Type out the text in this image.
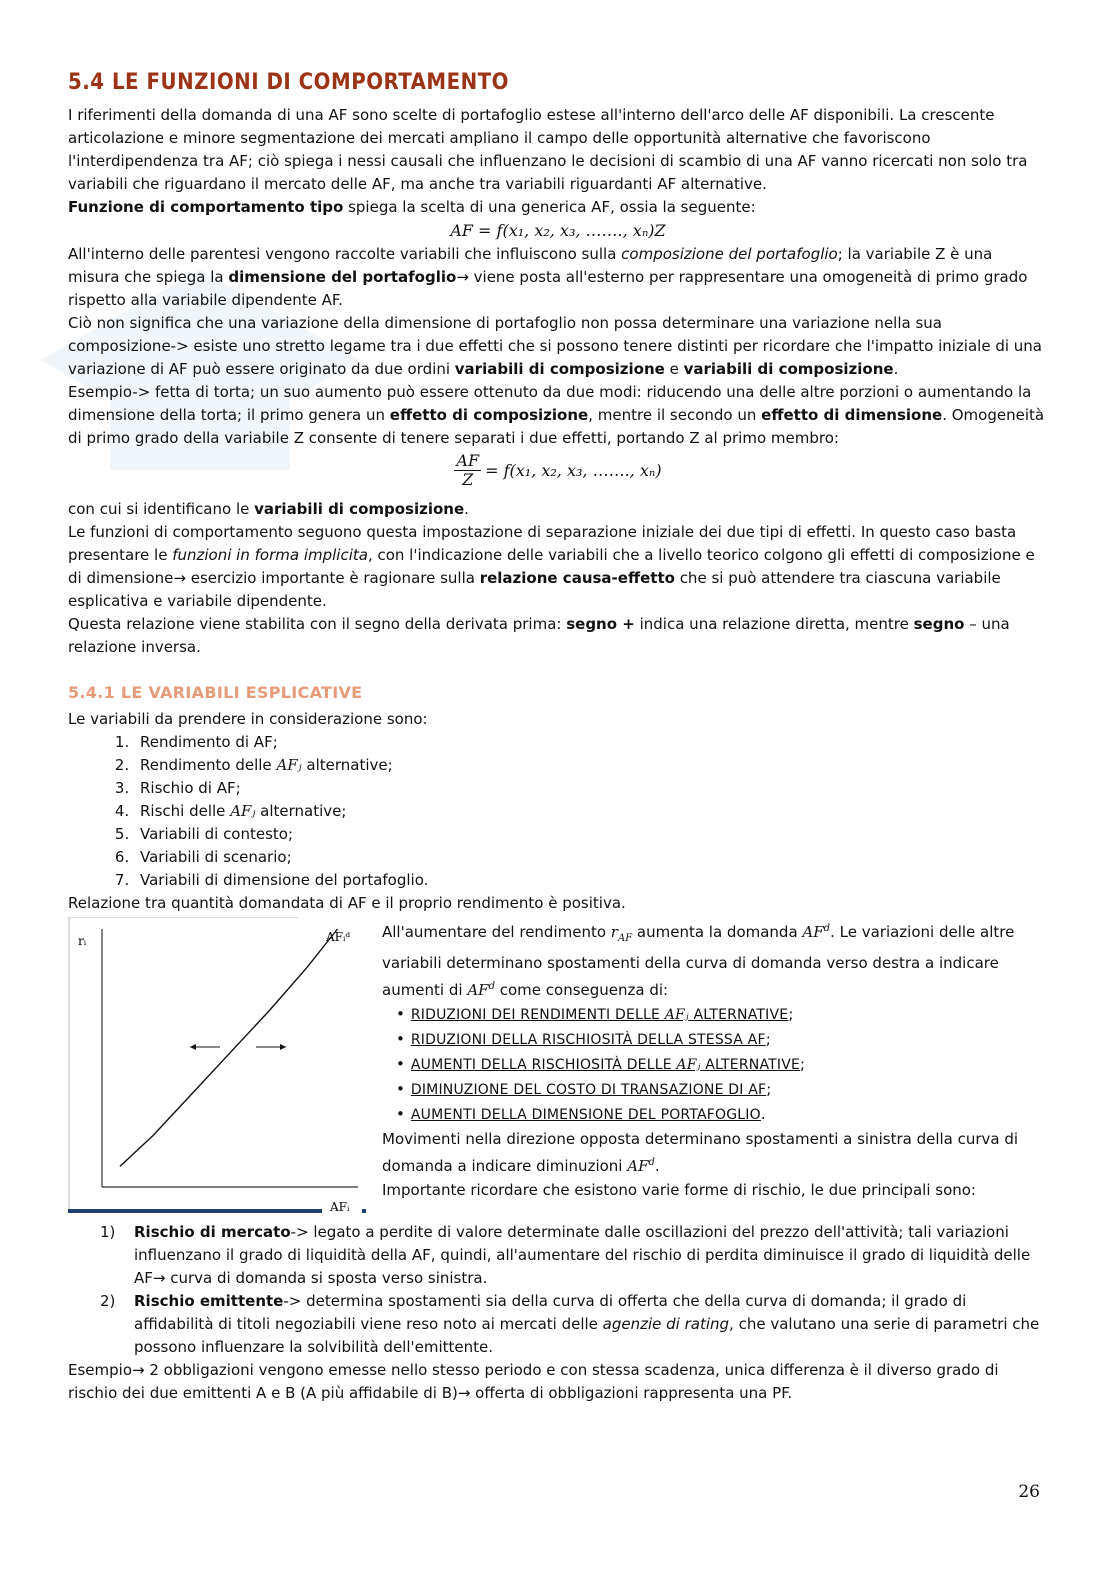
5.4 LE FUNZIONI DI COMPORTAMENTO

I riferimenti della domanda di una AF sono scelte di portafoglio estese all'interno dell'arco delle AF disponibili. La crescente articolazione e minore segmentazione dei mercati ampliano il campo delle opportunità alternative che favoriscono l'interdipendenza tra AF; ciò spiega i nessi causali che influenzano le decisioni di scambio di una AF vanno ricercati non solo tra variabili che riguardano il mercato delle AF, ma anche tra variabili riguardanti AF alternative.

Funzione di comportamento tipo spiega la scelta di una generica AF, ossia la seguente:

AF = f(x₁, x₂, x₃, ……., xₙ)Z

All'interno delle parentesi vengono raccolte variabili che influiscono sulla composizione del portafoglio; la variabile Z è una misura che spiega la dimensione del portafoglio→ viene posta all'esterno per rappresentare una omogeneità di primo grado rispetto alla variabile dipendente AF.

Ciò non significa che una variazione della dimensione di portafoglio non possa determinare una variazione nella sua composizione-> esiste uno stretto legame tra i due effetti che si possono tenere distinti per ricordare che l'impatto iniziale di una variazione di AF può essere originato da due ordini variabili di composizione e variabili di composizione.

Esempio-> fetta di torta; un suo aumento può essere ottenuto da due modi: riducendo una delle altre porzioni o aumentando la dimensione della torta; il primo genera un effetto di composizione, mentre il secondo un effetto di dimensione. Omogeneità di primo grado della variabile Z consente di tenere separati i due effetti, portando Z al primo membro:

$\frac{AF}{Z} = f(x_1$, x₂, x₃, ……., xₙ)

con cui si identificano le variabili di composizione.

Le funzioni di comportamento seguono questa impostazione di separazione iniziale dei due tipi di effetti. In questo caso basta presentare le funzioni in forma implicita, con l'indicazione delle variabili che a livello teorico colgono gli effetti di composizione e di dimensione→ esercizio importante è ragionare sulla relazione causa-effetto che si può attendere tra ciascuna variabile esplicativa e variabile dipendente.

Questa relazione viene stabilita con il segno della derivata prima: segno + indica una relazione diretta, mentre segno – una relazione inversa.

5.4.1 LE VARIABILI ESPLICATIVE

Le variabili da prendere in considerazione sono:

1. Rendimento di AF;
2. Rendimento delle AFⱼ alternative;
3. Rischio di AF;
4. Rischi delle AFⱼ alternative;
5. Variabili di contesto;
6. Variabili di scenario;
7. Variabili di dimensione del portafoglio.

Relazione tra quantità domandata di AF e il proprio rendimento è positiva.

rᵢ
AFᵢ
AFᵢᵈ All'aumentare del rendimento $r_{AF}$ aumenta la domanda $AF^d$. Le variazioni delle altre variabili determinano spostamenti della curva di domanda verso destra a indicare aumenti di $AF^d$ come conseguenza di:

• RIDUZIONI DEI RENDIMENTI DELLE AFⱼ ALTERNATIVE;
• RIDUZIONI DELLA RISCHIOSITÀ DELLA STESSA AF;
• AUMENTI DELLA RISCHIOSITÀ DELLE AFⱼ ALTERNATIVE;
• DIMINUZIONE DEL COSTO DI TRANSAZIONE DI AF;
• AUMENTI DELLA DIMENSIONE DEL PORTAFOGLIO.

Movimenti nella direzione opposta determinano spostamenti a sinistra della curva di domanda a indicare diminuzioni $AF^d$.

Importante ricordare che esistono varie forme di rischio, le due principali sono:

1) Rischio di mercato-> legato a perdite di valore determinate dalle oscillazioni del prezzo dell'attività; tali variazioni influenzano il grado di liquidità della AF, quindi, all'aumentare del rischio di perdita diminuisce il grado di liquidità delle AF→ curva di domanda si sposta verso sinistra.
2) Rischio emittente-> determina spostamenti sia della curva di offerta che della curva di domanda; il grado di affidabilità di titoli negoziabili viene reso noto ai mercati delle agenzie di rating, che valutano una serie di parametri che possono influenzare la solvibilità dell'emittente.

Esempio→ 2 obbligazioni vengono emesse nello stesso periodo e con stessa scadenza, unica differenza è il diverso grado di rischio dei due emittenti A e B (A più affidabile di B)→ offerta di obbligazioni rappresenta una PF.

26
